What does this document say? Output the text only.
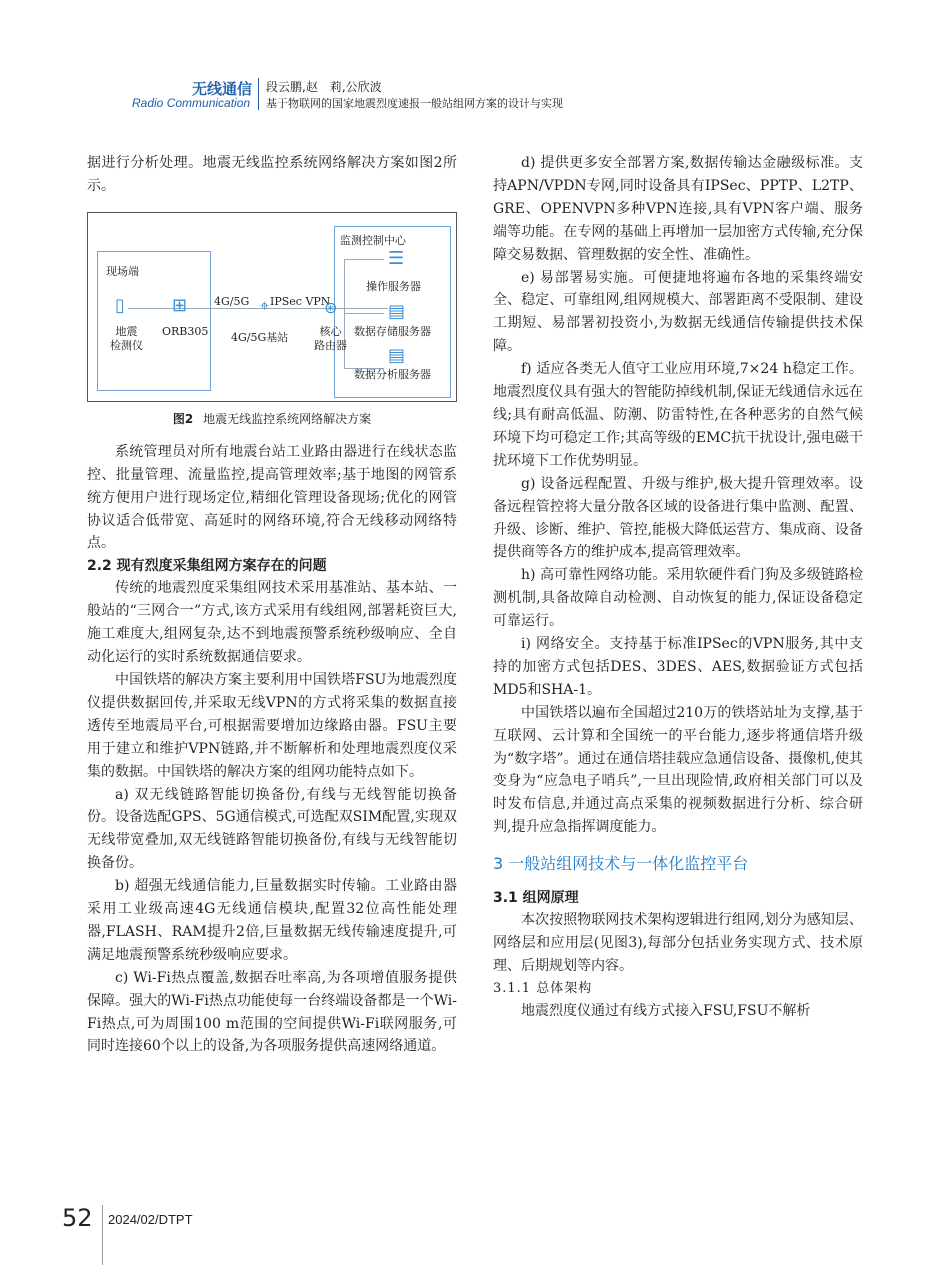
无线通信
Radio Communication
段云鹏,赵　莉,公欣波
基于物联网的国家地震烈度速报一般站组网方案的设计与实现

据进行分析处理。地震无线监控系统网络解决方案如图2所示。

监测控制中心
现场端
▯
地震
检测仪
⊞
ORB305
4G/5G ⌖
4G/5G基站
IPSec VPN
⊛
核心
路由器
☰
操作服务器
▤
数据存储服务器
▤
数据分析服务器
图2 地震无线监控系统网络解决方案

系统管理员对所有地震台站工业路由器进行在线状态监控、批量管理、流量监控,提高管理效率;基于地图的网管系统方便用户进行现场定位,精细化管理设备现场;优化的网管协议适合低带宽、高延时的网络环境,符合无线移动网络特点。

2.2 现有烈度采集组网方案存在的问题

传统的地震烈度采集组网技术采用基准站、基本站、一般站的“三网合一”方式,该方式采用有线组网,部署耗资巨大,施工难度大,组网复杂,达不到地震预警系统秒级响应、全自动化运行的实时系统数据通信要求。

中国铁塔的解决方案主要利用中国铁塔FSU为地震烈度仪提供数据回传,并采取无线VPN的方式将采集的数据直接透传至地震局平台,可根据需要增加边缘路由器。FSU主要用于建立和维护VPN链路,并不断解析和处理地震烈度仪采集的数据。中国铁塔的解决方案的组网功能特点如下。

a) 双无线链路智能切换备份,有线与无线智能切换备份。设备选配GPS、5G通信模式,可选配双SIM配置,实现双无线带宽叠加,双无线链路智能切换备份,有线与无线智能切换备份。

b) 超强无线通信能力,巨量数据实时传输。工业路由器采用工业级高速4G无线通信模块,配置32位高性能处理器,FLASH、RAM提升2倍,巨量数据无线传输速度提升,可满足地震预警系统秒级响应要求。

c) Wi-Fi热点覆盖,数据吞吐率高,为各项增值服务提供保障。强大的Wi-Fi热点功能使每一台终端设备都是一个Wi-Fi热点,可为周围100 m范围的空间提供Wi-Fi联网服务,可同时连接60个以上的设备,为各项服务提供高速网络通道。

d) 提供更多安全部署方案,数据传输达金融级标准。支持APN/VPDN专网,同时设备具有IPSec、PPTP、L2TP、GRE、OPENVPN多种VPN连接,具有VPN客户端、服务端等功能。在专网的基础上再增加一层加密方式传输,充分保障交易数据、管理数据的安全性、准确性。

e) 易部署易实施。可便捷地将遍布各地的采集终端安全、稳定、可靠组网,组网规模大、部署距离不受限制、建设工期短、易部署初投资小,为数据无线通信传输提供技术保障。

f) 适应各类无人值守工业应用环境,7×24 h稳定工作。地震烈度仪具有强大的智能防掉线机制,保证无线通信永远在线;具有耐高低温、防潮、防雷特性,在各种恶劣的自然气候环境下均可稳定工作;其高等级的EMC抗干扰设计,强电磁干扰环境下工作优势明显。

g) 设备远程配置、升级与维护,极大提升管理效率。设备远程管控将大量分散各区域的设备进行集中监测、配置、升级、诊断、维护、管控,能极大降低运营方、集成商、设备提供商等各方的维护成本,提高管理效率。

h) 高可靠性网络功能。采用软硬件看门狗及多级链路检测机制,具备故障自动检测、自动恢复的能力,保证设备稳定可靠运行。

i) 网络安全。支持基于标准IPSec的VPN服务,其中支持的加密方式包括DES、3DES、AES,数据验证方式包括MD5和SHA-1。

中国铁塔以遍布全国超过210万的铁塔站址为支撑,基于互联网、云计算和全国统一的平台能力,逐步将通信塔升级为“数字塔”。通过在通信塔挂载应急通信设备、摄像机,使其变身为“应急电子哨兵”,一旦出现险情,政府相关部门可以及时发布信息,并通过高点采集的视频数据进行分析、综合研判,提升应急指挥调度能力。

3 一般站组网技术与一体化监控平台

3.1 组网原理

本次按照物联网技术架构逻辑进行组网,划分为感知层、网络层和应用层(见图3),每部分包括业务实现方式、技术原理、后期规划等内容。

3.1.1 总体架构

地震烈度仪通过有线方式接入FSU,FSU不解析

52 2024/02/DTPT
